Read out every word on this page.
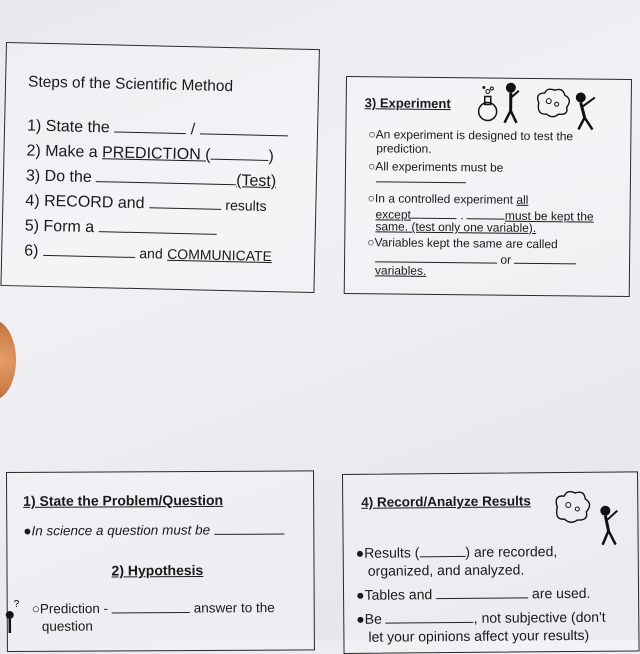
Steps of the Scientific Method
1) State the	/
2) Make a PREDICTION (	)
3) Do the	(Test)
4) RECORD and	results
5) Form a
6)	and COMMUNICATE
3) Experiment
○An experiment is designed to test the
prediction.
○All experiments must be
○In a controlled experiment all
except	.	must be kept the
same. (test only one variable).
○Variables kept the same are called
or
variables.
1) State the Problem/Question
●In science a question must be
2) Hypothesis
? ○Prediction -	answer to the
question
4) Record/Analyze Results
●Results (	) are recorded,
organized, and analyzed.
●Tables and	are used.
●Be	, not subjective (don't
let your opinions affect your results)
